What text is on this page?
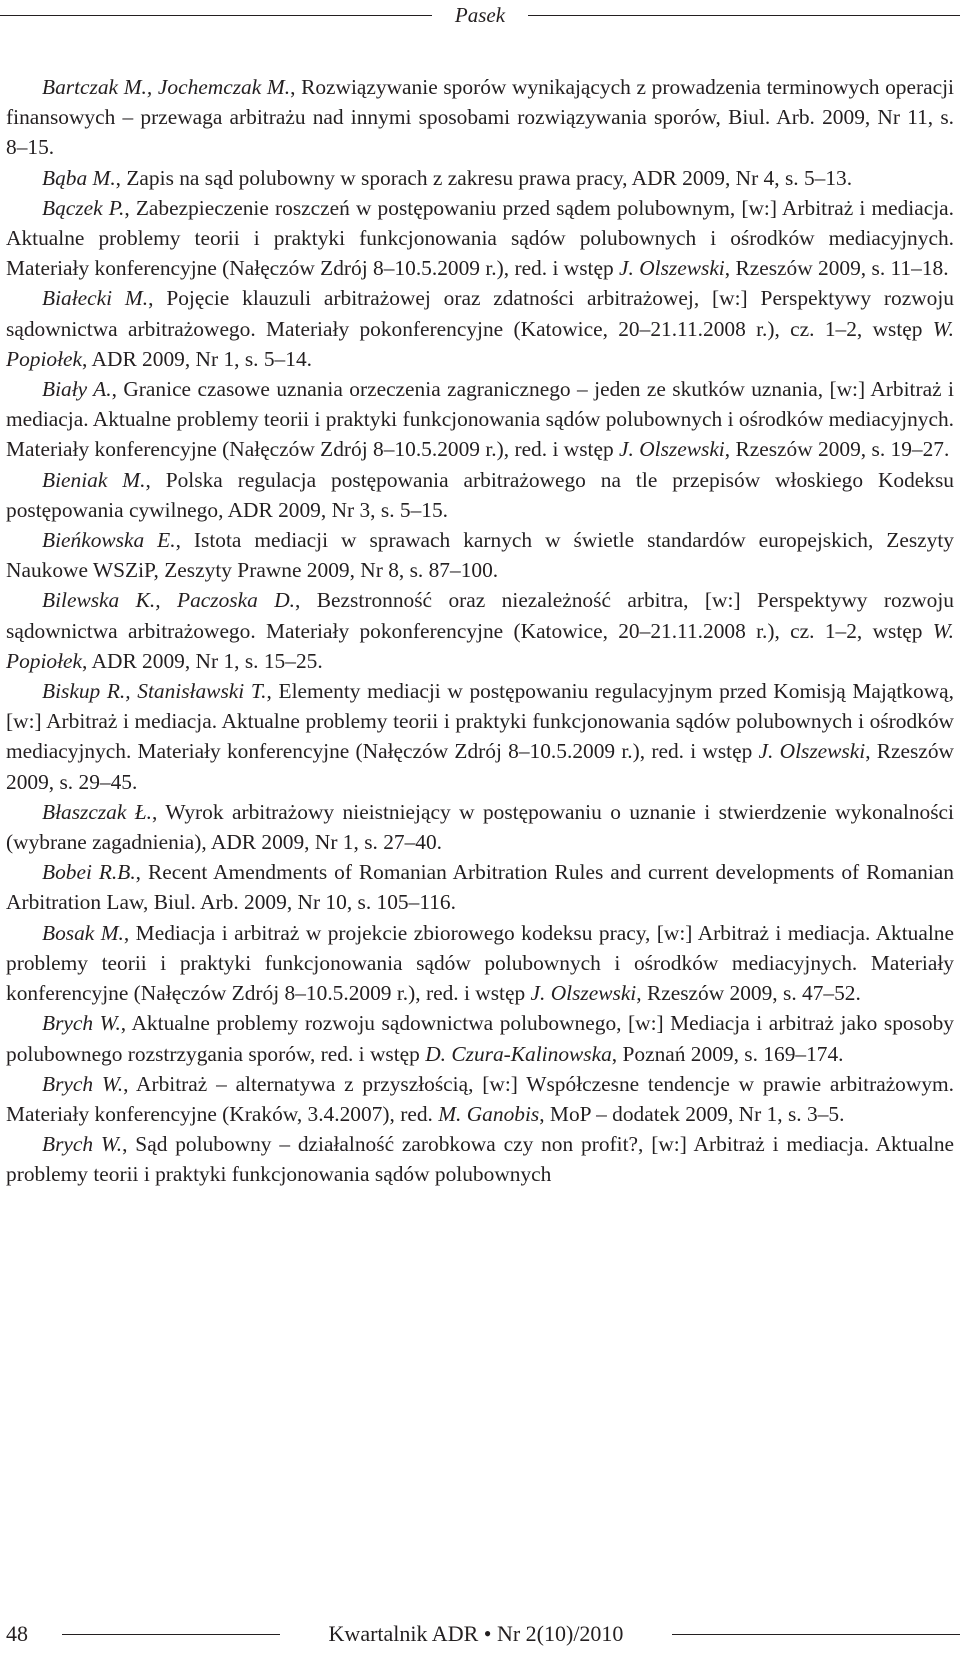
Pasek

Bartczak M., Jochemczak M., Rozwiązywanie sporów wynikających z prowadzenia terminowych operacji finansowych – przewaga arbitrażu nad innymi sposobami rozwiązywania sporów, Biul. Arb. 2009, Nr 11, s. 8–15.

Bąba M., Zapis na sąd polubowny w sporach z zakresu prawa pracy, ADR 2009, Nr 4, s. 5–13.

Bączek P., Zabezpieczenie roszczeń w postępowaniu przed sądem polubownym, [w:] Arbitraż i mediacja. Aktualne problemy teorii i praktyki funkcjonowania sądów polubownych i ośrodków mediacyjnych. Materiały konferencyjne (Nałęczów Zdrój 8–10.5.2009 r.), red. i wstęp J. Olszewski, Rzeszów 2009, s. 11–18.

Białecki M., Pojęcie klauzuli arbitrażowej oraz zdatności arbitrażowej, [w:] Perspektywy rozwoju sądownictwa arbitrażowego. Materiały pokonferencyjne (Katowice, 20–21.11.2008 r.), cz. 1–2, wstęp W. Popiołek, ADR 2009, Nr 1, s. 5–14.

Biały A., Granice czasowe uznania orzeczenia zagranicznego – jeden ze skutków uznania, [w:] Arbitraż i mediacja. Aktualne problemy teorii i praktyki funkcjonowania sądów polubownych i ośrodków mediacyjnych. Materiały konferencyjne (Nałęczów Zdrój 8–10.5.2009 r.), red. i wstęp J. Olszewski, Rzeszów 2009, s. 19–27.

Bieniak M., Polska regulacja postępowania arbitrażowego na tle przepisów włoskiego Kodeksu postępowania cywilnego, ADR 2009, Nr 3, s. 5–15.

Bieńkowska E., Istota mediacji w sprawach karnych w świetle standardów europejskich, Zeszyty Naukowe WSZiP, Zeszyty Prawne 2009, Nr 8, s. 87–100.

Bilewska K., Paczoska D., Bezstronność oraz niezależność arbitra, [w:] Perspektywy rozwoju sądownictwa arbitrażowego. Materiały pokonferencyjne (Katowice, 20–21.11.2008 r.), cz. 1–2, wstęp W. Popiołek, ADR 2009, Nr 1, s. 15–25.

Biskup R., Stanisławski T., Elementy mediacji w postępowaniu regulacyjnym przed Komisją Majątkową, [w:] Arbitraż i mediacja. Aktualne problemy teorii i praktyki funkcjonowania sądów polubownych i ośrodków mediacyjnych. Materiały konferencyjne (Nałęczów Zdrój 8–10.5.2009 r.), red. i wstęp J. Olszewski, Rzeszów 2009, s. 29–45.

Błaszczak Ł., Wyrok arbitrażowy nieistniejący w postępowaniu o uznanie i stwierdzenie wykonalności (wybrane zagadnienia), ADR 2009, Nr 1, s. 27–40.

Bobei R.B., Recent Amendments of Romanian Arbitration Rules and current developments of Romanian Arbitration Law, Biul. Arb. 2009, Nr 10, s. 105–116.

Bosak M., Mediacja i arbitraż w projekcie zbiorowego kodeksu pracy, [w:] Arbitraż i mediacja. Aktualne problemy teorii i praktyki funkcjonowania sądów polubownych i ośrodków mediacyjnych. Materiały konferencyjne (Nałęczów Zdrój 8–10.5.2009 r.), red. i wstęp J. Olszewski, Rzeszów 2009, s. 47–52.

Brych W., Aktualne problemy rozwoju sądownictwa polubownego, [w:] Mediacja i arbitraż jako sposoby polubownego rozstrzygania sporów, red. i wstęp D. Czura-Kalinowska, Poznań 2009, s. 169–174.

Brych W., Arbitraż – alternatywa z przyszłością, [w:] Współczesne tendencje w prawie arbitrażowym. Materiały konferencyjne (Kraków, 3.4.2007), red. M. Ganobis, MoP – dodatek 2009, Nr 1, s. 3–5.

Brych W., Sąd polubowny – działalność zarobkowa czy non profit?, [w:] Arbitraż i mediacja. Aktualne problemy teorii i praktyki funkcjonowania sądów polubownych

48	Kwartalnik ADR • Nr 2(10)/2010
